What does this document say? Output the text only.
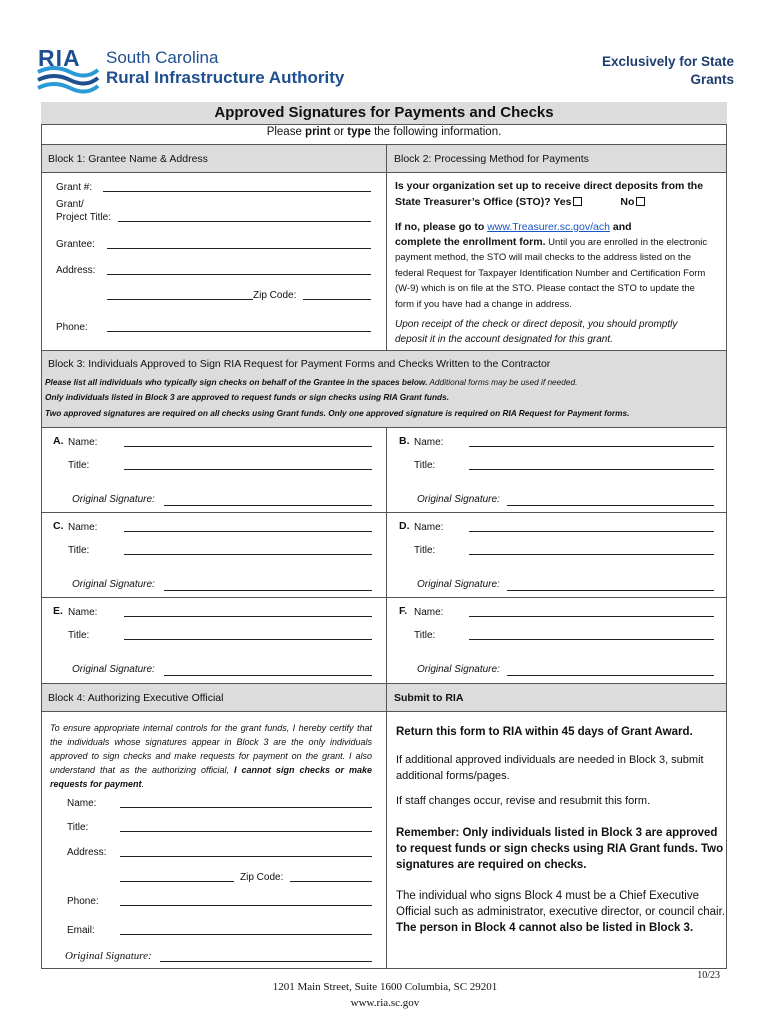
RIA South Carolina
Rural Infrastructure Authority
Exclusively for State
Grants
Approved Signatures for Payments and Checks
Please print or type the following information.
Block 1: Grantee Name & Address	Block 2: Processing Method for Payments
Grant #:
Grant/
Project Title:
Grantee:
Address:
Zip Code:
Phone:
Is your organization set up to receive direct deposits from the State Treasurer’s Office (STO)? Yes	No
If no, please go to www.Treasurer.sc.gov/ach and
complete the enrollment form. Until you are enrolled in the electronic payment method, the STO will mail checks to the address listed on the federal Request for Taxpayer Identification Number and Certification Form (W-9) which is on file at the STO. Please contact the STO to update the form if you have had a change in address.
Upon receipt of the check or direct deposit, you should promptly deposit it in the account designated for this grant.
Block 3: Individuals Approved to Sign RIA Request for Payment Forms and Checks Written to the Contractor
Please list all individuals who typically sign checks on behalf of the Grantee in the spaces below. Additional forms may be used if needed.
Only individuals listed in Block 3 are approved to request funds or sign checks using RIA Grant funds.
Two approved signatures are required on all checks using Grant funds. Only one approved signature is required on RIA Request for Payment forms.
A. Name:
Title:
Original Signature:
B. Name:
Title:
Original Signature:
C. Name:
Title:
Original Signature:
D. Name:
Title:
Original Signature:
E. Name:
Title:
Original Signature:
F. Name:
Title:
Original Signature:
Block 4: Authorizing Executive Official	Submit to RIA
To ensure appropriate internal controls for the grant funds, I hereby certify that the individuals whose signatures appear in Block 3 are the only individuals approved to sign checks and make requests for payment on the grant. I also understand that as the authorizing official, I cannot sign checks or make requests for payment.
Name:
Title:
Address:
Zip Code:
Phone:
Email:
Original Signature:
Return this form to RIA within 45 days of Grant Award.
If additional approved individuals are needed in Block 3, submit additional forms/pages.
If staff changes occur, revise and resubmit this form.
Remember: Only individuals listed in Block 3 are approved to request funds or sign checks using RIA Grant funds. Two signatures are required on checks.
The individual who signs Block 4 must be a Chief Executive Official such as administrator, executive director, or council chair. The person in Block 4 cannot also be listed in Block 3.
10/23
1201 Main Street, Suite 1600 Columbia, SC 29201
www.ria.sc.gov
